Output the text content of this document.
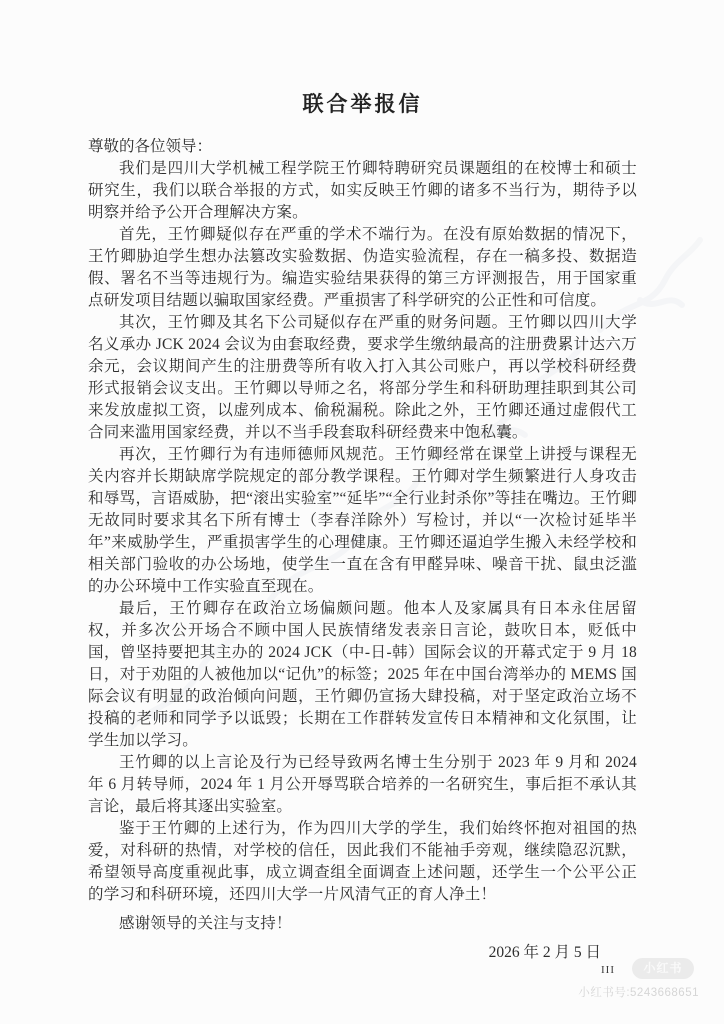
联合举报信

尊敬的各位领导：

我们是四川大学机械工程学院王竹卿特聘研究员课题组的在校博士和硕士研究生，我们以联合举报的方式，如实反映王竹卿的诸多不当行为，期待予以明察并给予公开合理解决方案。

首先，王竹卿疑似存在严重的学术不端行为。在没有原始数据的情况下，王竹卿胁迫学生想办法篡改实验数据、伪造实验流程，存在一稿多投、数据造假、署名不当等违规行为。编造实验结果获得的第三方评测报告，用于国家重点研发项目结题以骗取国家经费。严重损害了科学研究的公正性和可信度。

其次，王竹卿及其名下公司疑似存在严重的财务问题。王竹卿以四川大学名义承办 JCK 2024 会议为由套取经费，要求学生缴纳最高的注册费累计达六万余元，会议期间产生的注册费等所有收入打入其公司账户，再以学校科研经费形式报销会议支出。王竹卿以导师之名，将部分学生和科研助理挂职到其公司来发放虚拟工资，以虚列成本、偷税漏税。除此之外，王竹卿还通过虚假代工合同来滥用国家经费，并以不当手段套取科研经费来中饱私囊。

再次，王竹卿行为有违师德师风规范。王竹卿经常在课堂上讲授与课程无关内容并长期缺席学院规定的部分教学课程。王竹卿对学生频繁进行人身攻击和辱骂，言语威胁，把“滚出实验室”“延毕”“全行业封杀你”等挂在嘴边。王竹卿无故同时要求其名下所有博士（李春洋除外）写检讨，并以“一次检讨延毕半年”来威胁学生，严重损害学生的心理健康。王竹卿还逼迫学生搬入未经学校和相关部门验收的办公场地，使学生一直在含有甲醛异味、噪音干扰、鼠虫泛滥的办公环境中工作实验直至现在。

最后，王竹卿存在政治立场偏颇问题。他本人及家属具有日本永住居留权，并多次公开场合不顾中国人民族情绪发表亲日言论，鼓吹日本，贬低中国，曾坚持要把其主办的 2024 JCK（中-日-韩）国际会议的开幕式定于 9 月 18 日，对于劝阻的人被他加以“记仇”的标签；2025 年在中国台湾举办的 MEMS 国际会议有明显的政治倾向问题，王竹卿仍宣扬大肆投稿，对于坚定政治立场不投稿的老师和同学予以诋毁；长期在工作群转发宣传日本精神和文化氛围，让学生加以学习。

王竹卿的以上言论及行为已经导致两名博士生分别于 2023 年 9 月和 2024 年 6 月转导师，2024 年 1 月公开辱骂联合培养的一名研究生，事后拒不承认其言论，最后将其逐出实验室。

鉴于王竹卿的上述行为，作为四川大学的学生，我们始终怀抱对祖国的热爱，对科研的热情，对学校的信任，因此我们不能袖手旁观，继续隐忍沉默，希望领导高度重视此事，成立调查组全面调查上述问题，还学生一个公平公正的学习和科研环境，还四川大学一片风清气正的育人净土！

感谢领导的关注与支持！

2026 年 2 月 5 日

III	小红书
小红书号:5243668651
